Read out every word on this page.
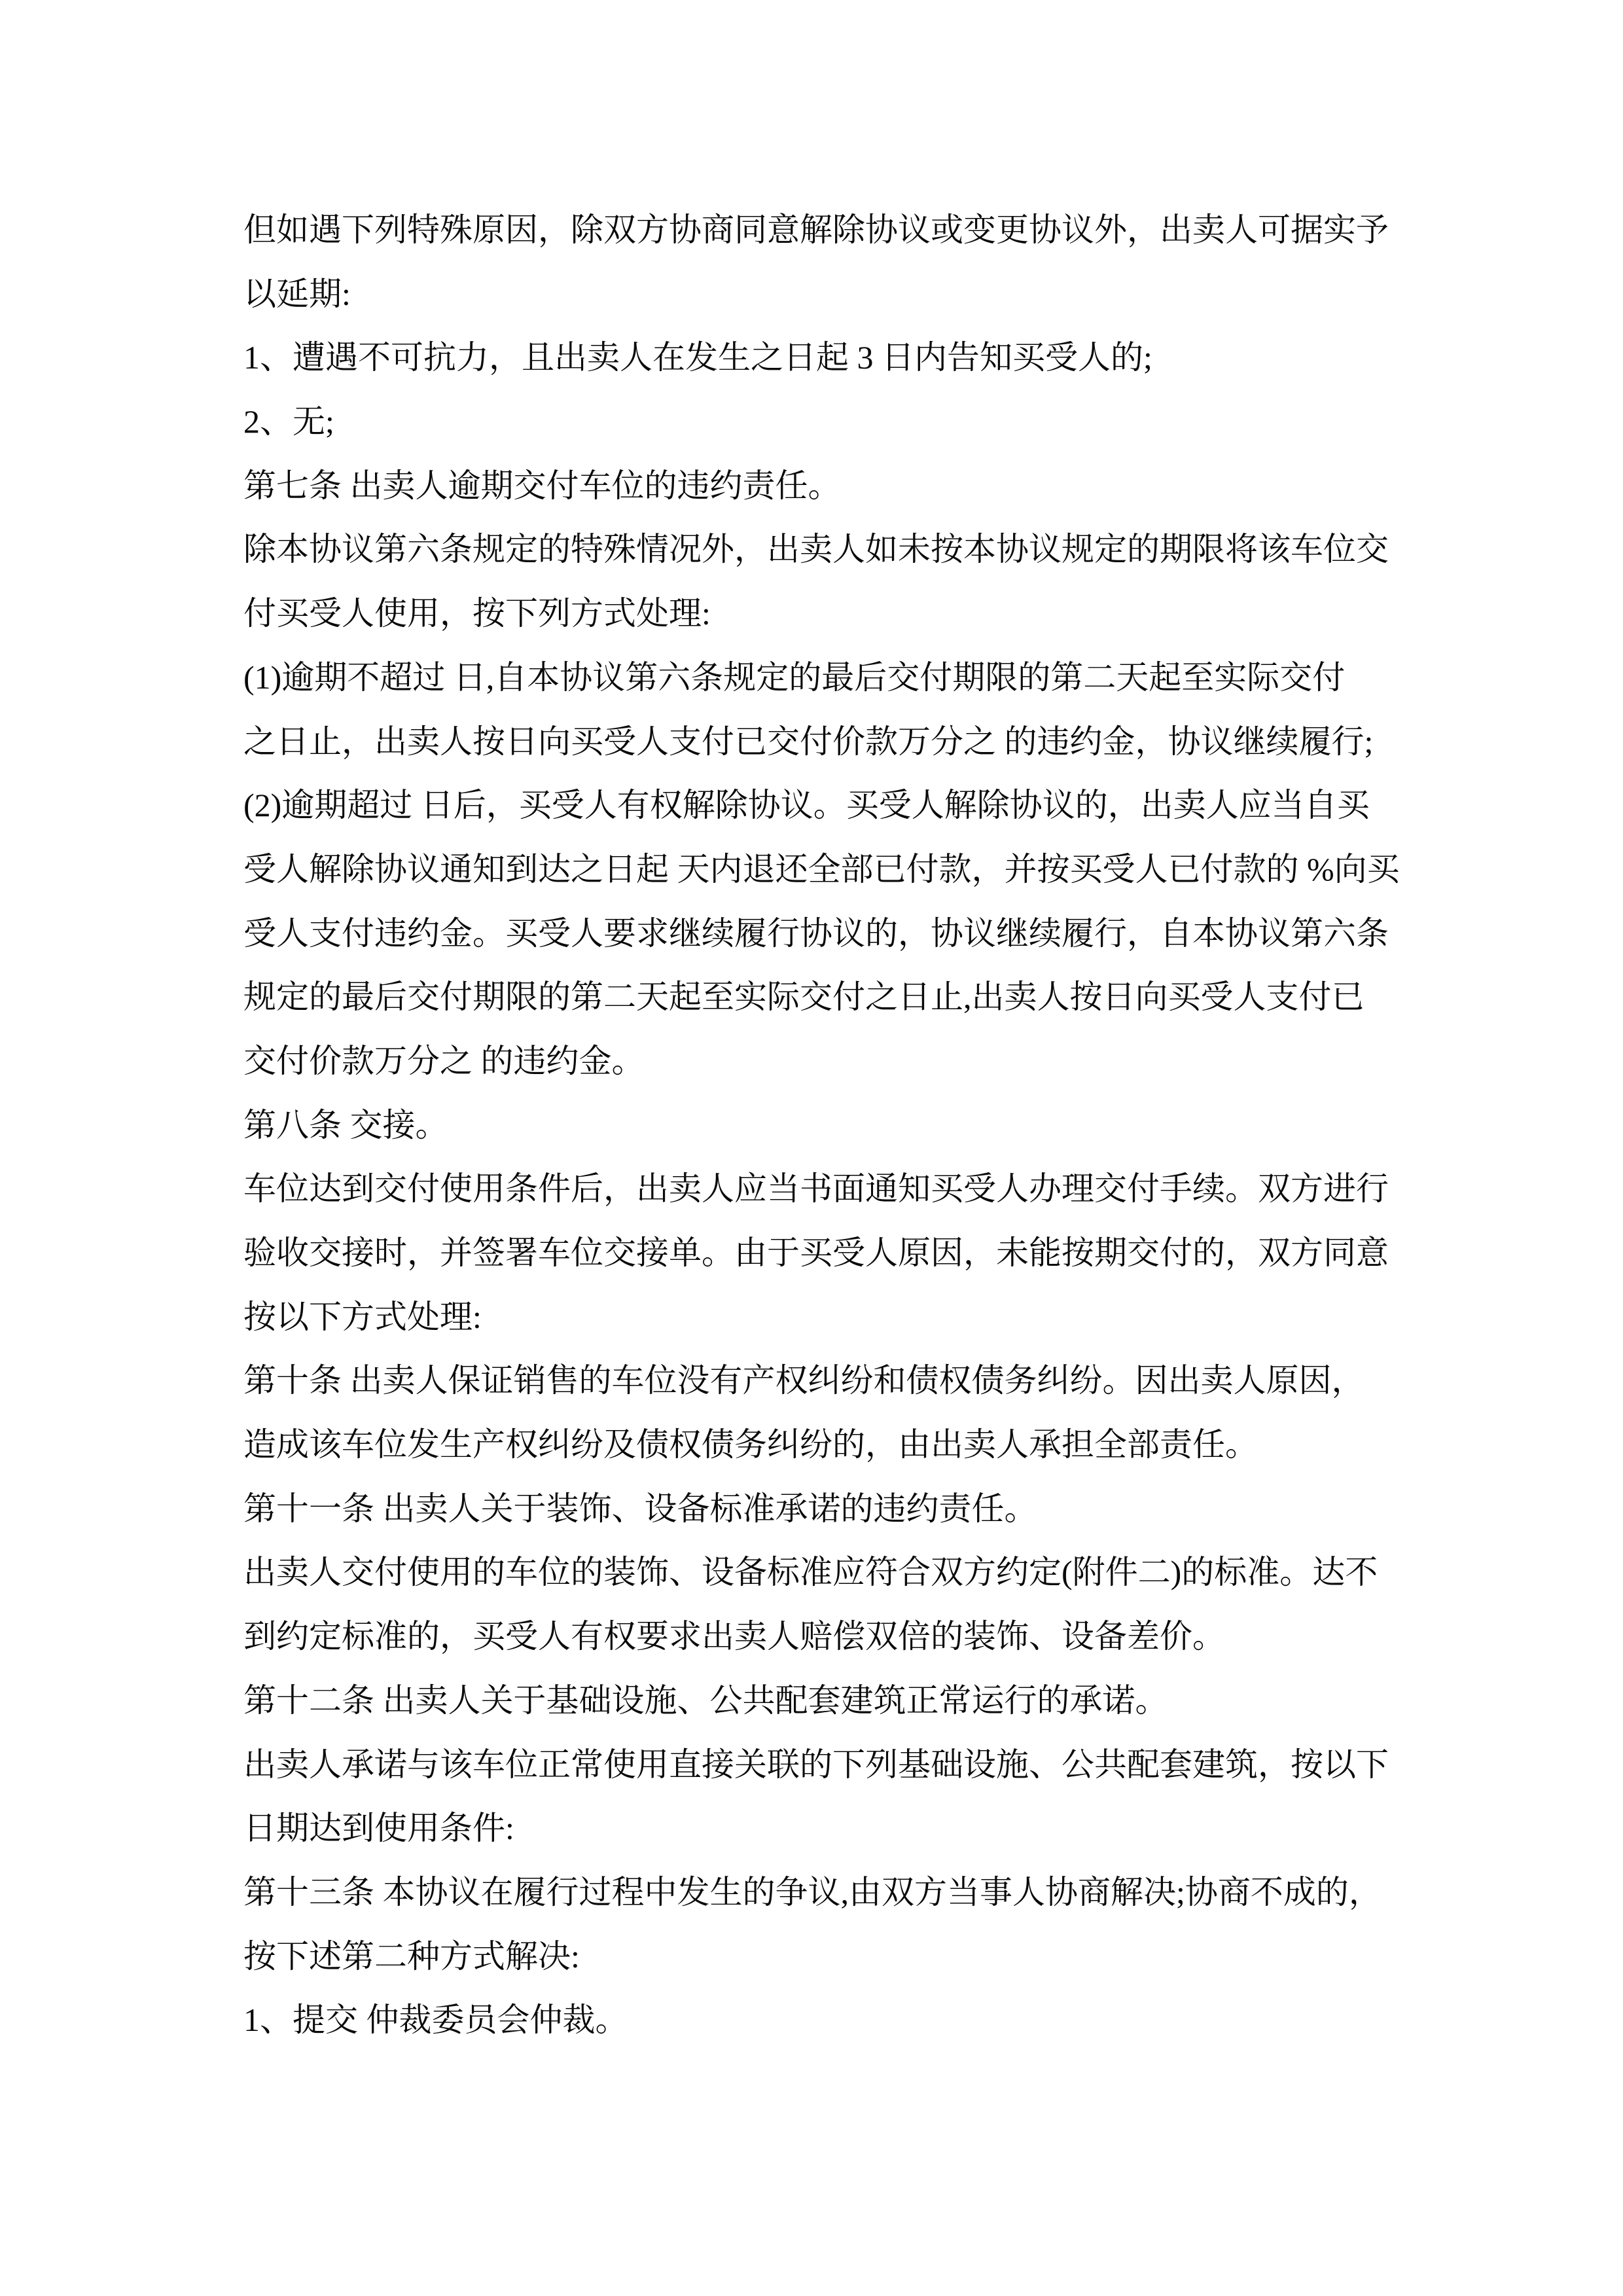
但如遇下列特殊原因，除双方协商同意解除协议或变更协议外，出卖人可据实予
以延期:
1、遭遇不可抗力，且出卖人在发生之日起 3 日内告知买受人的;
2、无;
第七条 出卖人逾期交付车位的违约责任。
除本协议第六条规定的特殊情况外，出卖人如未按本协议规定的期限将该车位交
付买受人使用，按下列方式处理:
(1)逾期不超过 日,自本协议第六条规定的最后交付期限的第二天起至实际交付
之日止，出卖人按日向买受人支付已交付价款万分之 的违约金，协议继续履行;
(2)逾期超过 日后，买受人有权解除协议。买受人解除协议的，出卖人应当自买
受人解除协议通知到达之日起 天内退还全部已付款，并按买受人已付款的 %向买
受人支付违约金。买受人要求继续履行协议的，协议继续履行，自本协议第六条
规定的最后交付期限的第二天起至实际交付之日止,出卖人按日向买受人支付已
交付价款万分之 的违约金。
第八条 交接。
车位达到交付使用条件后，出卖人应当书面通知买受人办理交付手续。双方进行
验收交接时，并签署车位交接单。由于买受人原因，未能按期交付的，双方同意
按以下方式处理:
第十条 出卖人保证销售的车位没有产权纠纷和债权债务纠纷。因出卖人原因，
造成该车位发生产权纠纷及债权债务纠纷的，由出卖人承担全部责任。
第十一条 出卖人关于装饰、设备标准承诺的违约责任。
出卖人交付使用的车位的装饰、设备标准应符合双方约定(附件二)的标准。达不
到约定标准的，买受人有权要求出卖人赔偿双倍的装饰、设备差价。
第十二条 出卖人关于基础设施、公共配套建筑正常运行的承诺。
出卖人承诺与该车位正常使用直接关联的下列基础设施、公共配套建筑，按以下
日期达到使用条件:
第十三条 本协议在履行过程中发生的争议,由双方当事人协商解决;协商不成的，
按下述第二种方式解决:
1、提交 仲裁委员会仲裁。
